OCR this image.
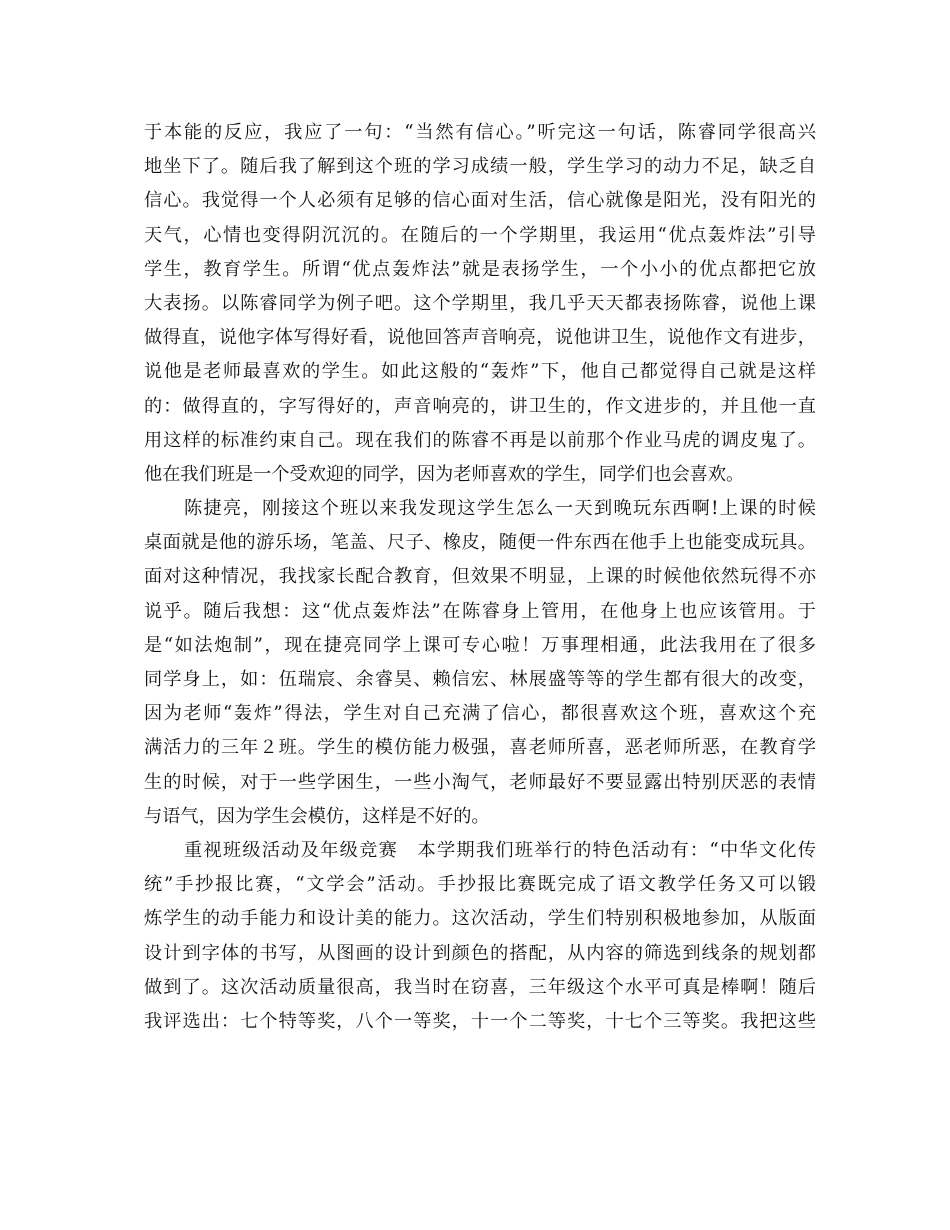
于本能的反应，我应了一句：“当然有信心。”听完这一句话，陈睿同学很高兴
地坐下了。随后我了解到这个班的学习成绩一般，学生学习的动力不足，缺乏自
信心。我觉得一个人必须有足够的信心面对生活，信心就像是阳光，没有阳光的
天气，心情也变得阴沉沉的。在随后的一个学期里，我运用“优点轰炸法”引导
学生，教育学生。所谓“优点轰炸法”就是表扬学生，一个小小的优点都把它放
大表扬。以陈睿同学为例子吧。这个学期里，我几乎天天都表扬陈睿，说他上课
做得直，说他字体写得好看，说他回答声音响亮，说他讲卫生，说他作文有进步，
说他是老师最喜欢的学生。如此这般的“轰炸”下，他自己都觉得自己就是这样
的：做得直的，字写得好的，声音响亮的，讲卫生的，作文进步的，并且他一直
用这样的标准约束自己。现在我们的陈睿不再是以前那个作业马虎的调皮鬼了。
他在我们班是一个受欢迎的同学，因为老师喜欢的学生，同学们也会喜欢。
陈捷亮，刚接这个班以来我发现这学生怎么一天到晚玩东西啊!上课的时候
桌面就是他的游乐场，笔盖、尺子、橡皮，随便一件东西在他手上也能变成玩具。
面对这种情况，我找家长配合教育，但效果不明显，上课的时候他依然玩得不亦
说乎。随后我想：这“优点轰炸法”在陈睿身上管用，在他身上也应该管用。于
是“如法炮制”，现在捷亮同学上课可专心啦！万事理相通，此法我用在了很多
同学身上，如：伍瑞宸、余睿昊、赖信宏、林展盛等等的学生都有很大的改变，
因为老师“轰炸”得法，学生对自己充满了信心，都很喜欢这个班，喜欢这个充
满活力的三年２班。学生的模仿能力极强，喜老师所喜，恶老师所恶，在教育学
生的时候，对于一些学困生，一些小淘气，老师最好不要显露出特别厌恶的表情
与语气，因为学生会模仿，这样是不好的。
重视班级活动及年级竞赛　本学期我们班举行的特色活动有：“中华文化传
统”手抄报比赛，“文学会”活动。手抄报比赛既完成了语文教学任务又可以锻
炼学生的动手能力和设计美的能力。这次活动，学生们特别积极地参加，从版面
设计到字体的书写，从图画的设计到颜色的搭配，从内容的筛选到线条的规划都
做到了。这次活动质量很高，我当时在窃喜，三年级这个水平可真是棒啊！随后
我评选出：七个特等奖，八个一等奖，十一个二等奖，十七个三等奖。我把这些
